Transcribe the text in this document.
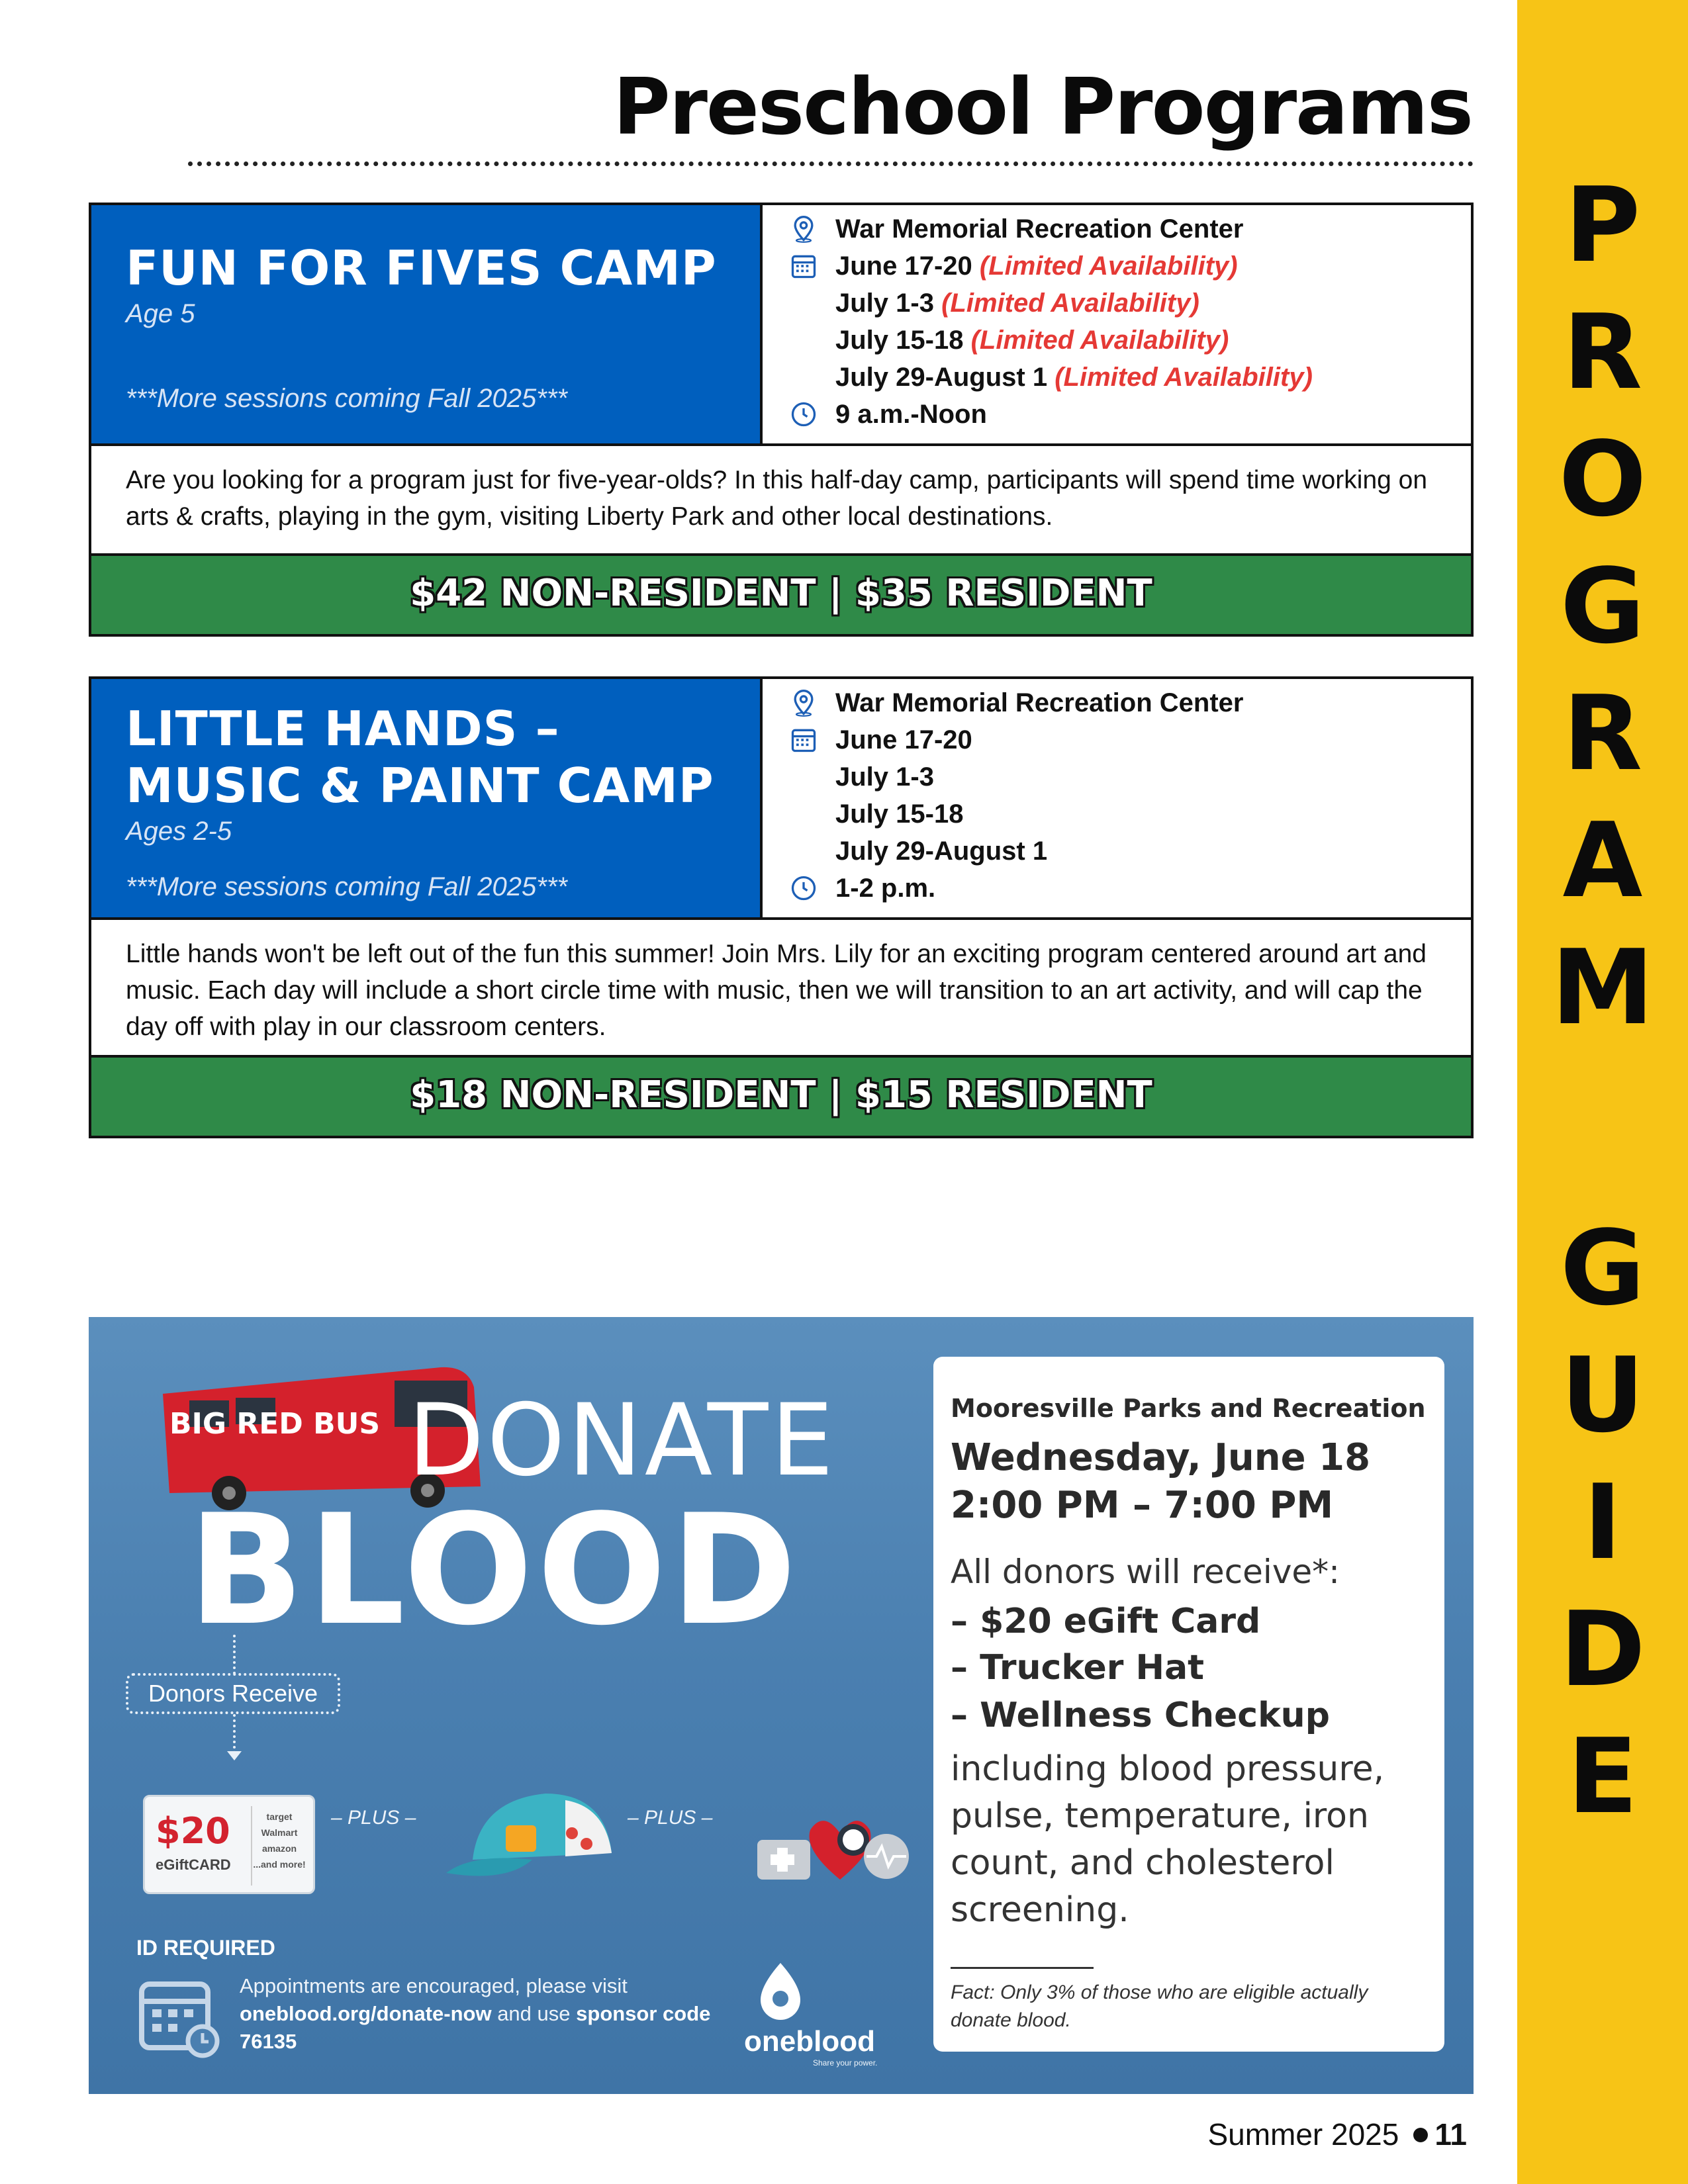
P
R
O
G
R
A
M
G
U
I
D
E
Preschool Programs
FUN FOR FIVES CAMP
Age 5
***More sessions coming Fall 2025***
War Memorial Recreation Center
June 17-20 (Limited Availability)
July 1-3 (Limited Availability)
July 15-18 (Limited Availability)
July 29-August 1 (Limited Availability)
9 a.m.-Noon

Are you looking for a program just for five-year-olds? In this half-day camp, participants will spend time working on arts & crafts, playing in the gym, visiting Liberty Park and other local destinations.

$42 NON-RESIDENT | $35 RESIDENT
LITTLE HANDS –
MUSIC & PAINT CAMP
Ages 2-5
***More sessions coming Fall 2025***
War Memorial Recreation Center
June 17-20
July 1-3
July 15-18
July 29-August 1
1-2 p.m.

Little hands won't be left out of the fun this summer! Join Mrs. Lily for an exciting program centered around art and music. Each day will include a short circle time with music, then we will transition to an art activity, and will cap the day off with play in our classroom centers.

$18 NON-RESIDENT | $15 RESIDENT
BIG RED BUS DONATE
BLOOD
Donors Receive
$20
eGiftCARD
target
Walmart
amazon
...and more!
– PLUS –	– PLUS –
ID REQUIRED
Appointments are encouraged, please visit oneblood.org/donate-now and use sponsor code 76135	oneblood
Share your power.
Mooresville Parks and Recreation
Wednesday, June 18
2:00 PM – 7:00 PM
All donors will receive*:
– $20 eGift Card
– Trucker Hat
– Wellness Checkup
including blood pressure, pulse, temperature, iron count, and cholesterol screening.
Fact: Only 3% of those who are eligible actually donate blood.
Summer 2025 11
